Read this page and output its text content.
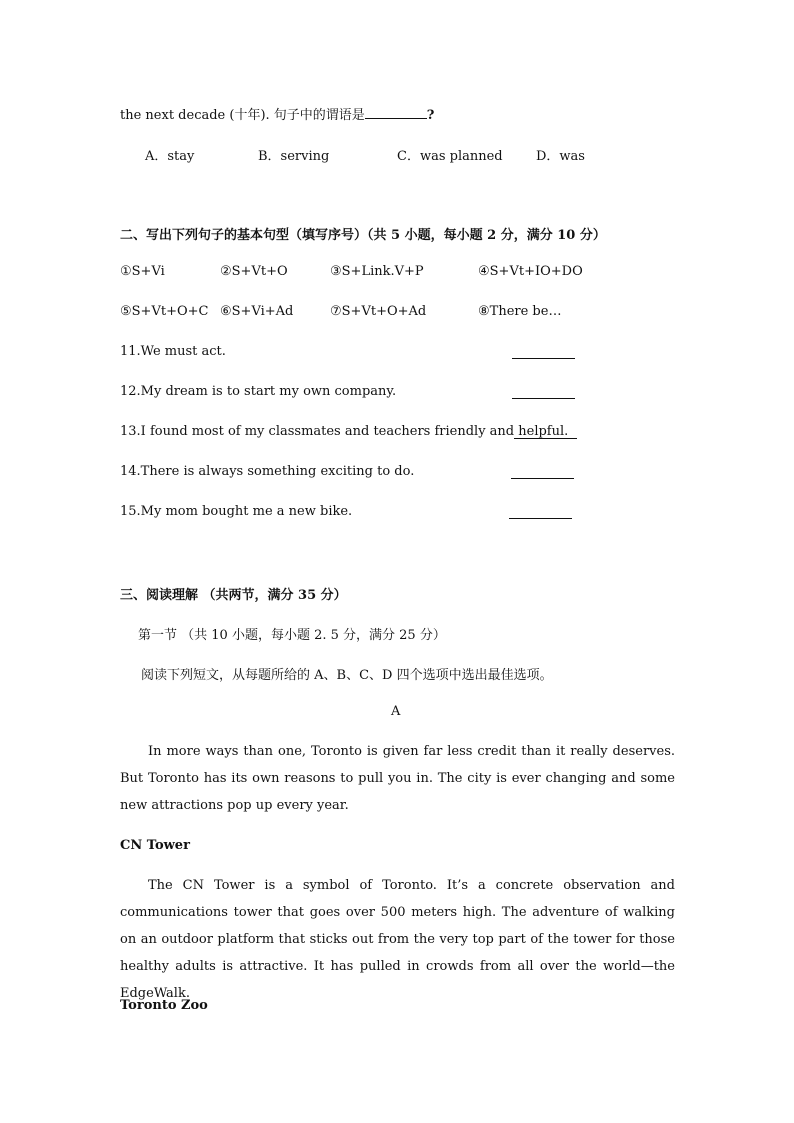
the next decade (十年). 句子中的谓语是	?
A．stay	B．serving	C．was planned	D．was
二、写出下列句子的基本句型（填写序号）（共 5 小题，每小题 2 分，满分 10 分）
①S+Vi	②S+Vt+O	③S+Link.V+P	④S+Vt+IO+DO
⑤S+Vt+O+C ⑥S+Vi+Ad	⑦S+Vt+O+Ad	⑧There be…
11.We must act.
12.My dream is to start my own company.
13.I found most of my classmates and teachers friendly and helpful.
14.There is always something exciting to do.
15.My mom bought me a new bike.
三、阅读理解 （共两节，满分 35 分）
第一节 （共 10 小题，每小题 2. 5 分，满分 25 分）
阅读下列短文，从每题所给的 A、B、C、D 四个选项中选出最佳选项。
A
In more ways than one, Toronto is given far less credit than it really deserves. But Toronto has its own reasons to pull you in. The city is ever changing and some new attractions pop up every year.
CN Tower
The CN Tower is a symbol of Toronto. It’s a concrete observation and communications tower that goes over 500 meters high. The adventure of walking on an outdoor platform that sticks out from the very top part of the tower for those healthy adults is attractive. It has pulled in crowds from all over the world—the EdgeWalk.
Toronto Zoo
